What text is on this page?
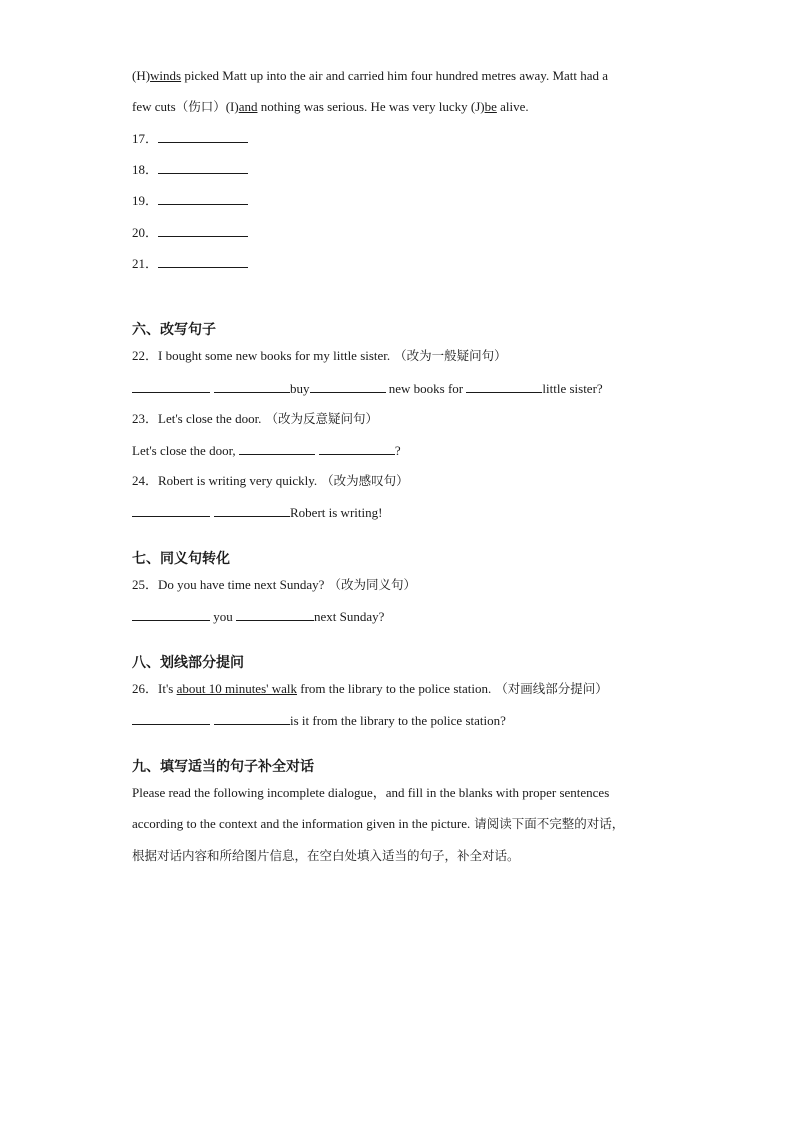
(H)winds picked Matt up into the air and carried him four hundred metres away. Matt had a
few cuts（伤口）(I)and nothing was serious. He was very lucky (J)be alive.
17．
18．
19．
20．
21．
六、改写句子
22．I bought some new books for my little sister. （改为一般疑问句）
buy	new books for	little sister?
23．Let's close the door. （改为反意疑问句）
Let's close the door,	?
24．Robert is writing very quickly. （改为感叹句）
Robert is writing!
七、同义句转化
25．Do you have time next Sunday? （改为同义句）
you	next Sunday?
八、划线部分提问
26．It's about 10 minutes' walk from the library to the police station. （对画线部分提问）
is it from the library to the police station?
九、填写适当的句子补全对话
Please read the following incomplete dialogue，and fill in the blanks with proper sentences
according to the context and the information given in the picture. 请阅读下面不完整的对话，
根据对话内容和所给图片信息，在空白处填入适当的句子，补全对话。
